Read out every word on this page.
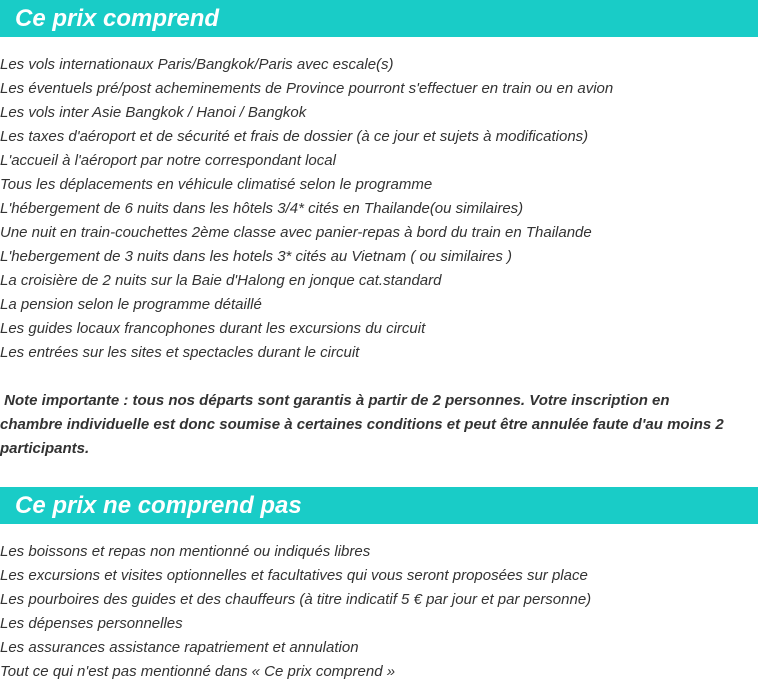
Ce prix comprend
Les vols internationaux Paris/Bangkok/Paris avec escale(s)
Les éventuels pré/post acheminements de Province pourront s'effectuer en train ou en avion
Les vols inter Asie Bangkok / Hanoi / Bangkok
Les taxes d'aéroport et de sécurité et frais de dossier (à ce jour et sujets à modifications)
L'accueil à l'aéroport par notre correspondant local
Tous les déplacements en véhicule climatisé selon le programme
L'hébergement de 6 nuits dans les hôtels 3/4* cités en Thailande(ou similaires)
Une nuit en train-couchettes 2ème classe avec panier-repas à bord du train en Thailande
L'hebergement de 3 nuits dans les hotels 3* cités au Vietnam ( ou similaires )
La croisière de 2 nuits sur la Baie d'Halong en jonque cat.standard
La pension selon le programme détaillé
Les guides locaux francophones durant les excursions du circuit
Les entrées sur les sites et spectacles durant le circuit
Note importante : tous nos départs sont garantis à partir de 2 personnes. Votre inscription en chambre individuelle est donc soumise à certaines conditions et peut être annulée faute d'au moins 2 participants.
Ce prix ne comprend pas
Les boissons et repas non mentionné ou indiqués libres
Les excursions et visites optionnelles et facultatives qui vous seront proposées sur place
Les pourboires des guides et des chauffeurs (à titre indicatif 5 € par jour et par personne)
Les dépenses personnelles
Les assurances assistance rapatriement et annulation
Tout ce qui n'est pas mentionné dans « Ce prix comprend »
